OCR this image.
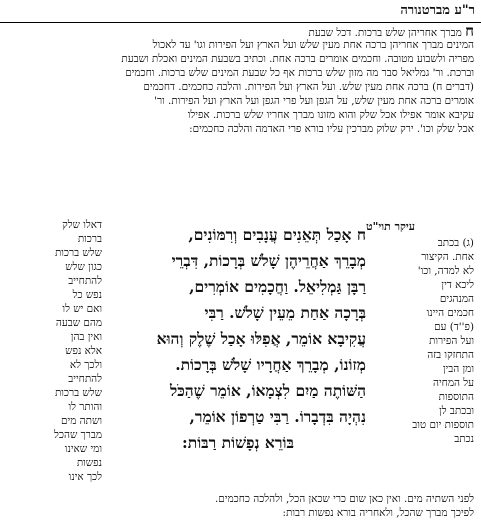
ר"ע מברטנורה
ח מברך אחריהן שלש ברכות. דכל שבעת
המינים מברך אחריהן ברכה אחת מעין שלש ועל הארץ ועל הפירות וגו' עד לאכול
מפריה ולשבוע מטובה. וחכמים אומרים ברכה אחת. וכתיב בשבעת המינים ואכלת ושבעת
וברכת. ור' גמליאל סבר מה מזון שלש ברכות אף כל שבעת המינים שלש ברכות. וחכמים
(דברים ח) ברכה אחת מעין שלש. ועל הארץ ועל הפירות. והלכה כחכמים. דחכמים
אומרים ברכה אחת מעין שלש, על הגפן ועל פרי הגפן ועל הארץ ועל הפירות. ור'
עקיבא אומר אפילו אכל שלק והוא מזונו מברך אחריו שלש ברכות. אפילו
אכל שלק וכו'. ירק שלוק מברכין עליו בורא פרי האדמה והלכה כחכמים:
עיקר תוי"ט
(ג) בכתב
אחת. הקיצור
לא למדה, וכו'
ליכא דין
המנהגים
חכמים היינו
(פ''ד) עם
ועל הפירות
התחזקו בזה
ומן הבין
על המחיה
התוספות
ובכתב לן
תוספות יום טוב
נכתב
דאלו שלק
ברכות
שלש ברכות
כגון שלש
להתחייב
נפש כל
ואם יש לו
מהם שבעה
ואין בהן
אלא נפש
ולכך לא
להתחייב
שלש ברכות
והותר לו
ושתה מים
מברך שהכל
ומי שאינו
נפשות
לכך אינו
ח אָכַל תְּאֵנִים עֲנָבִים וְרִמּוֹנִים,
מְבָרֵךְ אַחֲרֵיהֶן שָׁלֹשׁ בְּרָכוֹת, דִּבְרֵי
רַבָּן גַּמְלִיאֵל. וַחֲכָמִים אוֹמְרִים,
בְּרָכָה אַחַת מֵעֵין שָׁלֹשׁ. רַבִּי
עֲקִיבָא אוֹמֵר, אֲפִלּוּ אָכַל שֶׁלֶק וְהוּא
מְזוֹנוֹ, מְבָרֵךְ אַחֲרָיו שָׁלֹשׁ בְּרָכוֹת.
הַשּׁוֹתֶה מַיִם לִצְמָאוֹ, אוֹמֵר שֶׁהַכֹּל
נִהְיָה בִּדְבָרוֹ. רַבִּי טַרְפוֹן אוֹמֵר,
בּוֹרֵא נְפָשׁוֹת רַבּוֹת:
לפני השתיה מים. ואין כאן שום כרי שכאן הכל, ולהלכה כחכמים.
לפיכך מברך שהכל, ולאחריה בורא נפשות רבות:
